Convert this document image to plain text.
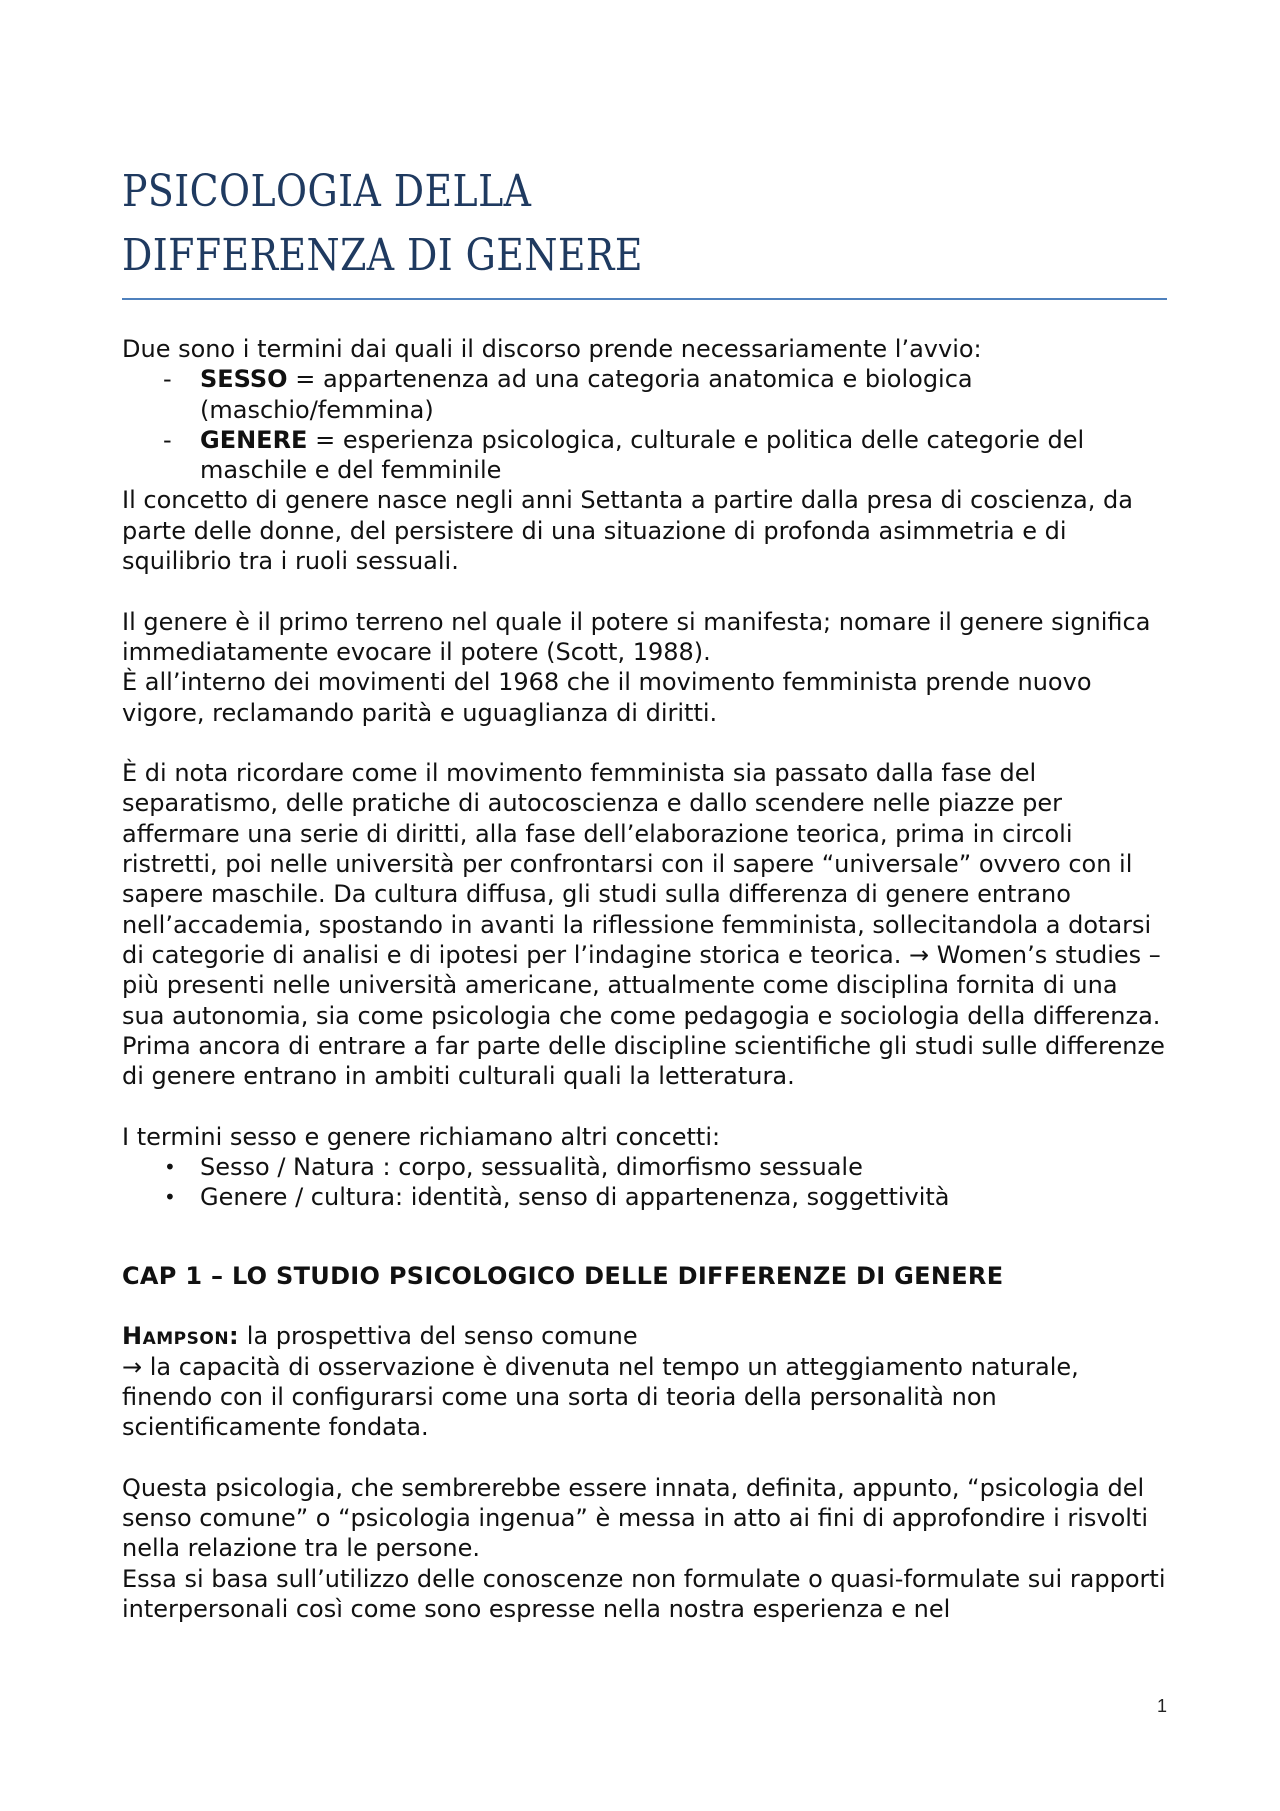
PSICOLOGIA DELLA
DIFFERENZA DI GENERE

Due sono i termini dai quali il discorso prende necessariamente l’avvio:

- SESSO = appartenenza ad una categoria anatomica e biologica (maschio/femmina)
- GENERE = esperienza psicologica, culturale e politica delle categorie del maschile e del femminile

Il concetto di genere nasce negli anni Settanta a partire dalla presa di coscienza, da parte delle donne, del persistere di una situazione di profonda asimmetria e di squilibrio tra i ruoli sessuali.

Il genere è il primo terreno nel quale il potere si manifesta; nomare il genere significa immediatamente evocare il potere (Scott, 1988).

È all’interno dei movimenti del 1968 che il movimento femminista prende nuovo vigore, reclamando parità e uguaglianza di diritti.

È di nota ricordare come il movimento femminista sia passato dalla fase del separatismo, delle pratiche di autocoscienza e dallo scendere nelle piazze per affermare una serie di diritti, alla fase dell’elaborazione teorica, prima in circoli ristretti, poi nelle università per confrontarsi con il sapere “universale” ovvero con il sapere maschile. Da cultura diffusa, gli studi sulla differenza di genere entrano nell’accademia, spostando in avanti la riflessione femminista, sollecitandola a dotarsi di categorie di analisi e di ipotesi per l’indagine storica e teorica. → Women’s studies – più presenti nelle università americane, attualmente come disciplina fornita di una sua autonomia, sia come psicologia che come pedagogia e sociologia della differenza. Prima ancora di entrare a far parte delle discipline scientifiche gli studi sulle differenze di genere entrano in ambiti culturali quali la letteratura.

I termini sesso e genere richiamano altri concetti:

• Sesso / Natura : corpo, sessualità, dimorfismo sessuale
• Genere / cultura: identità, senso di appartenenza, soggettività
CAP 1 – LO STUDIO PSICOLOGICO DELLE DIFFERENZE DI GENERE

Hampson: la prospettiva del senso comune

→ la capacità di osservazione è divenuta nel tempo un atteggiamento naturale, finendo con il configurarsi come una sorta di teoria della personalità non scientificamente fondata.

Questa psicologia, che sembrerebbe essere innata, definita, appunto, “psicologia del senso comune” o “psicologia ingenua” è messa in atto ai fini di approfondire i risvolti nella relazione tra le persone.

Essa si basa sull’utilizzo delle conoscenze non formulate o quasi-formulate sui rapporti interpersonali così come sono espresse nella nostra esperienza e nel

1
